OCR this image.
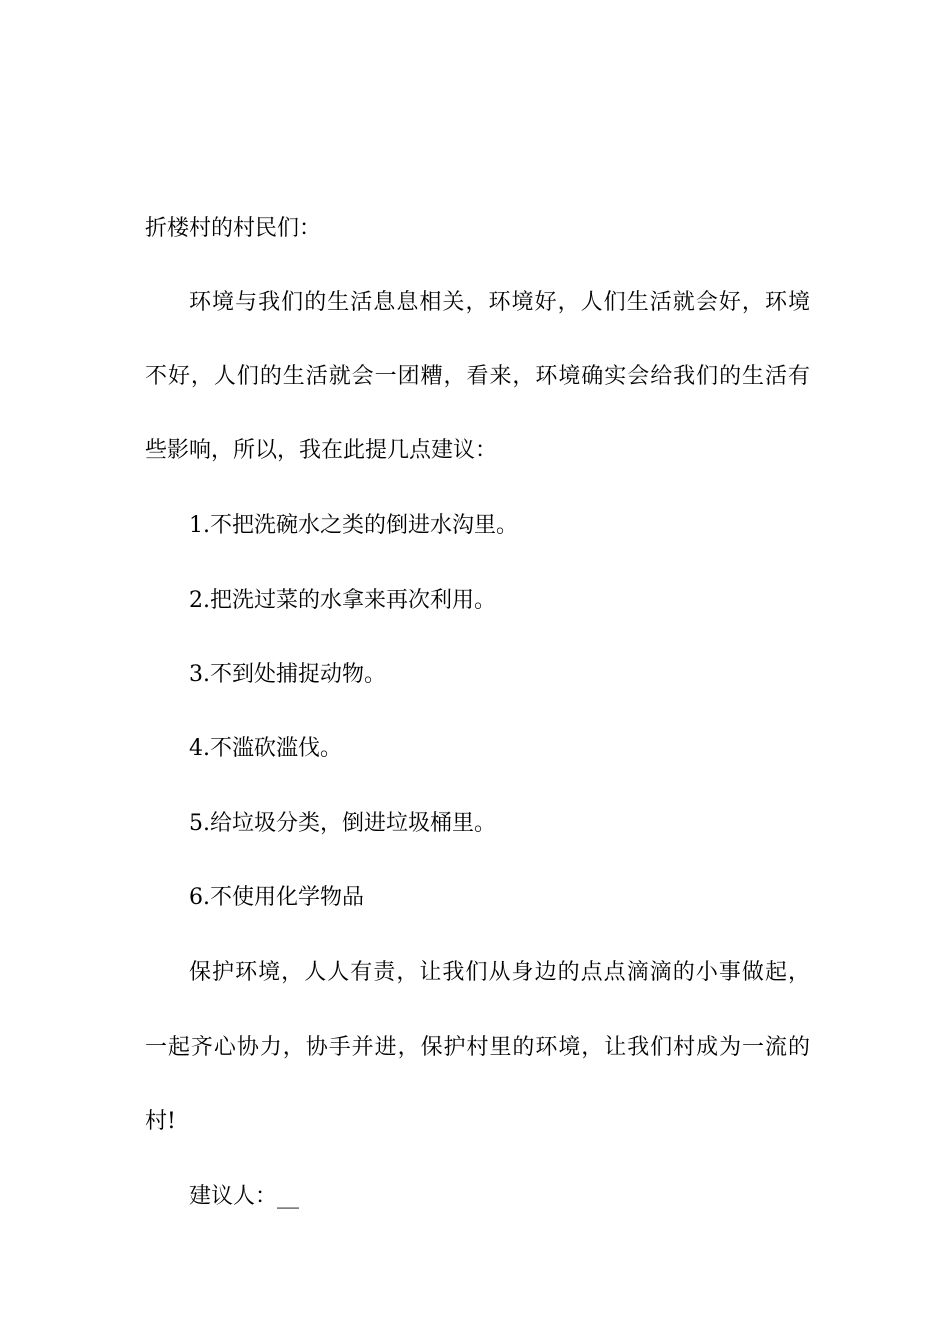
折楼村的村民们：
环境与我们的生活息息相关，环境好，人们生活就会好，环境
不好，人们的生活就会一团糟，看来，环境确实会给我们的生活有
些影响，所以，我在此提几点建议：
1.不把洗碗水之类的倒进水沟里。
2.把洗过菜的水拿来再次利用。
3.不到处捕捉动物。
4.不滥砍滥伐。
5.给垃圾分类，倒进垃圾桶里。
6.不使用化学物品
保护环境，人人有责，让我们从身边的点点滴滴的小事做起，
一起齐心协力，协手并进，保护村里的环境，让我们村成为一流的
村!
建议人：__
